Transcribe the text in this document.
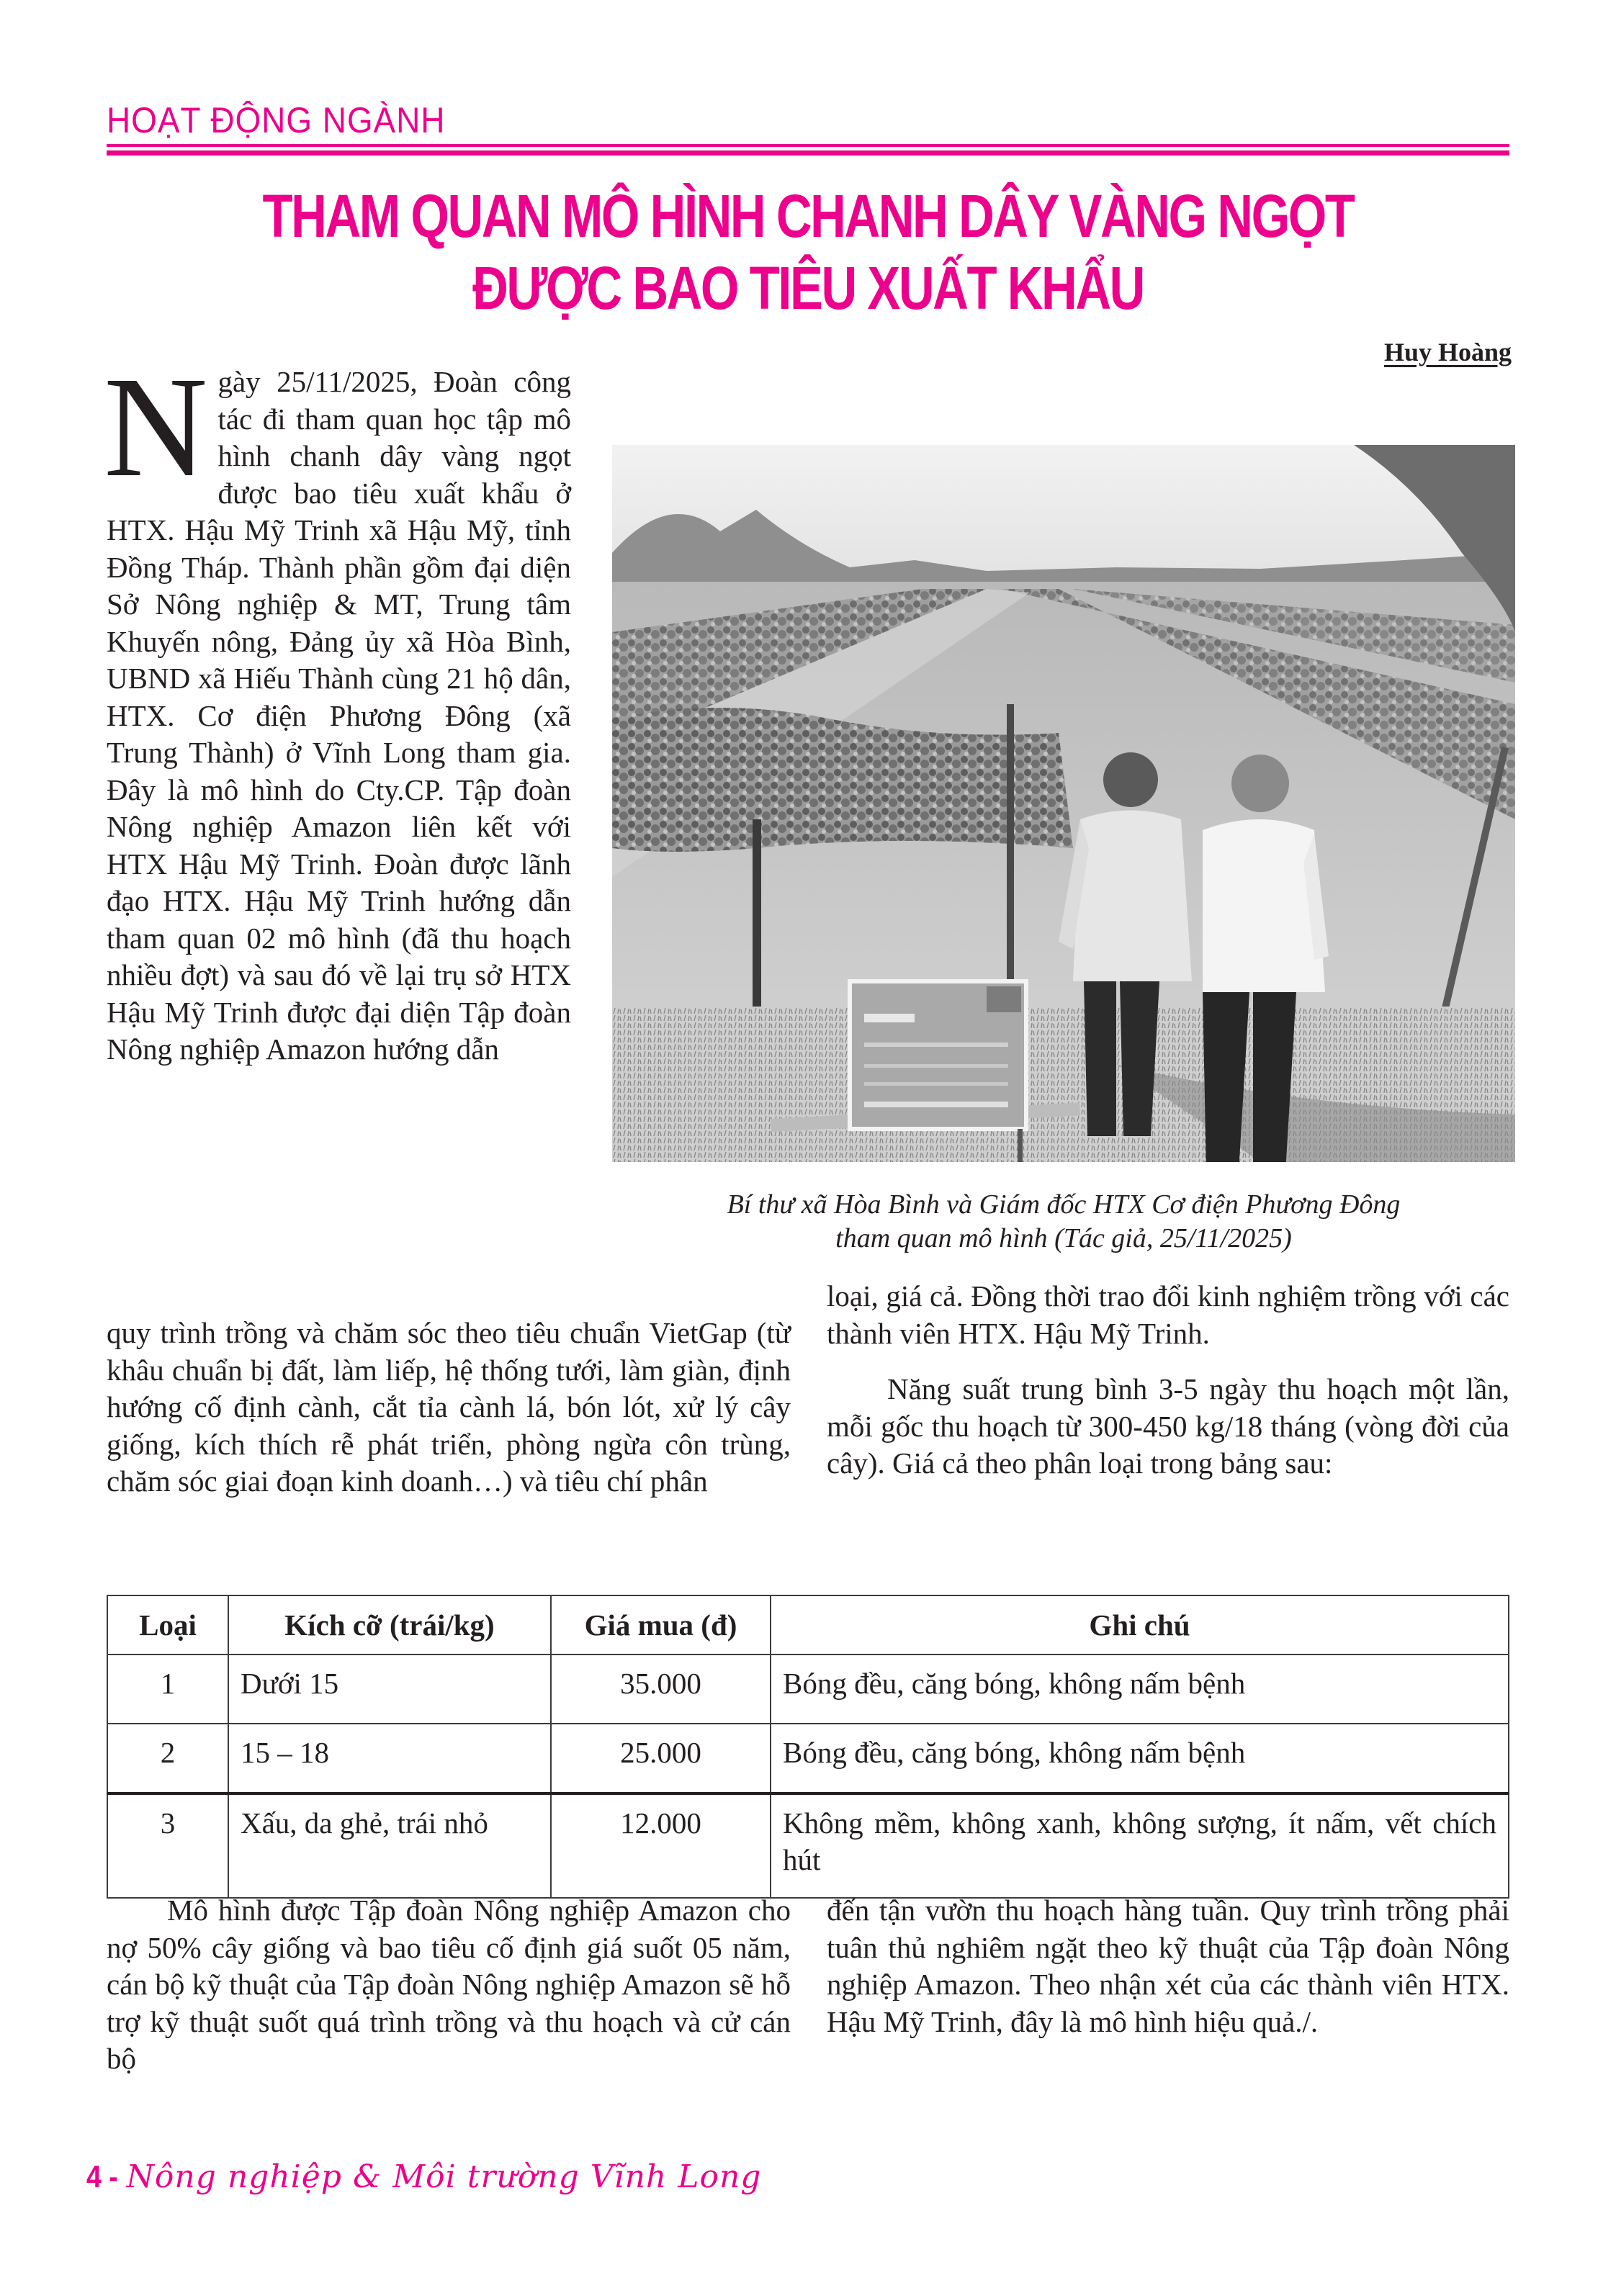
HOẠT ĐỘNG NGÀNH
THAM QUAN MÔ HÌNH CHANH DÂY VÀNG NGỌT
ĐƯỢC BAO TIÊU XUẤT KHẨU
Huy Hoàng
Ngày 25/11/2025, Đoàn công tác đi tham quan học tập mô hình chanh dây vàng ngọt được bao tiêu xuất khẩu ở HTX. Hậu Mỹ Trinh xã Hậu Mỹ, tỉnh Đồng Tháp. Thành phần gồm đại diện Sở Nông nghiệp & MT, Trung tâm Khuyến nông, Đảng ủy xã Hòa Bình, UBND xã Hiếu Thành cùng 21 hộ dân, HTX. Cơ điện Phương Đông (xã Trung Thành) ở Vĩnh Long tham gia. Đây là mô hình do Cty.CP. Tập đoàn Nông nghiệp Amazon liên kết với HTX Hậu Mỹ Trinh. Đoàn được lãnh đạo HTX. Hậu Mỹ Trinh hướng dẫn tham quan 02 mô hình (đã thu hoạch nhiều đợt) và sau đó về lại trụ sở HTX Hậu Mỹ Trinh được đại diện Tập đoàn Nông nghiệp Amazon hướng dẫn
Bí thư xã Hòa Bình và Giám đốc HTX Cơ điện Phương Đông
tham quan mô hình (Tác giả, 25/11/2025)
quy trình trồng và chăm sóc theo tiêu chuẩn VietGap (từ khâu chuẩn bị đất, làm liếp, hệ thống tưới, làm giàn, định hướng cố định cành, cắt tỉa cành lá, bón lót, xử lý cây giống, kích thích rễ phát triển, phòng ngừa côn trùng, chăm sóc giai đoạn kinh doanh…) và tiêu chí phân

loại, giá cả. Đồng thời trao đổi kinh nghiệm trồng với các thành viên HTX. Hậu Mỹ Trinh.

Năng suất trung bình 3-5 ngày thu hoạch một lần, mỗi gốc thu hoạch từ 300-450 kg/18 tháng (vòng đời của cây). Giá cả theo phân loại trong bảng sau:

Loại	Kích cỡ (trái/kg)	Giá mua (đ)	Ghi chú
1	Dưới 15	35.000	Bóng đều, căng bóng, không nấm bệnh
2	15 – 18	25.000	Bóng đều, căng bóng, không nấm bệnh
3	Xấu, da ghẻ, trái nhỏ	12.000	Không mềm, không xanh, không sượng, ít nấm, vết chích hút
Mô hình được Tập đoàn Nông nghiệp Amazon cho nợ 50% cây giống và bao tiêu cố định giá suốt 05 năm, cán bộ kỹ thuật của Tập đoàn Nông nghiệp Amazon sẽ hỗ trợ kỹ thuật suốt quá trình trồng và thu hoạch và cử cán bộ
đến tận vườn thu hoạch hàng tuần. Quy trình trồng phải tuân thủ nghiêm ngặt theo kỹ thuật của Tập đoàn Nông nghiệp Amazon. Theo nhận xét của các thành viên HTX. Hậu Mỹ Trinh, đây là mô hình hiệu quả./.
4 - Nông nghiệp & Môi trường Vĩnh Long
